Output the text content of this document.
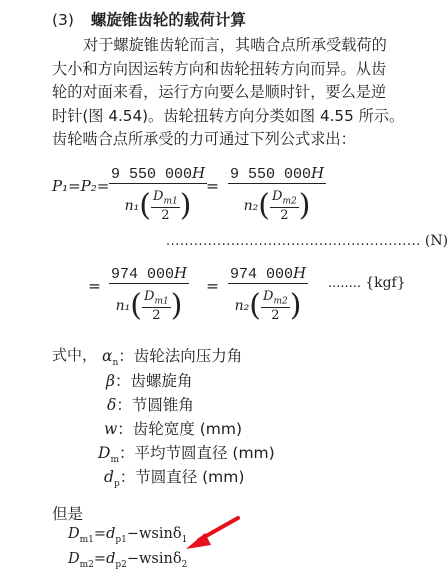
(3) 螺旋锥齿轮的载荷计算
对于螺旋锥齿轮而言，其啮合点所承受载荷的
大小和方向因运转方向和齿轮扭转方向而异。从齿
轮的对面来看，运行方向要么是顺时针，要么是逆
时针(图 4.54)。齿轮扭转方向分类如图 4.55 所示。
齿轮啮合点所承受的力可通过下列公式求出：
$P_1=P_2= \frac{9 550 000H}{n_1( \frac{D_{m1}}{2} )}$
= $\frac{9 550 000H}{n_2( \frac{D_{m2}}{2} )}$
....................................................... (N)
= $\frac{974 000H}{n_1( \frac{D_{m1}}{2} )} = \frac{974 000H}{n_2( \frac{D_{m2}}{2} )}$ ........ {kgf}
式中， $\alpha_n$：齿轮法向压力角
β：齿螺旋角
δ：节圆锥角
w：齿轮宽度 (mm)
$D_m$：平均节圆直径 (mm)
$d_p$：节圆直径 (mm)
但是
$D_{m1}=d_{p1}-wsin\delta_1$
$D_{m2}=d_{p2}-wsin\delta_2$
